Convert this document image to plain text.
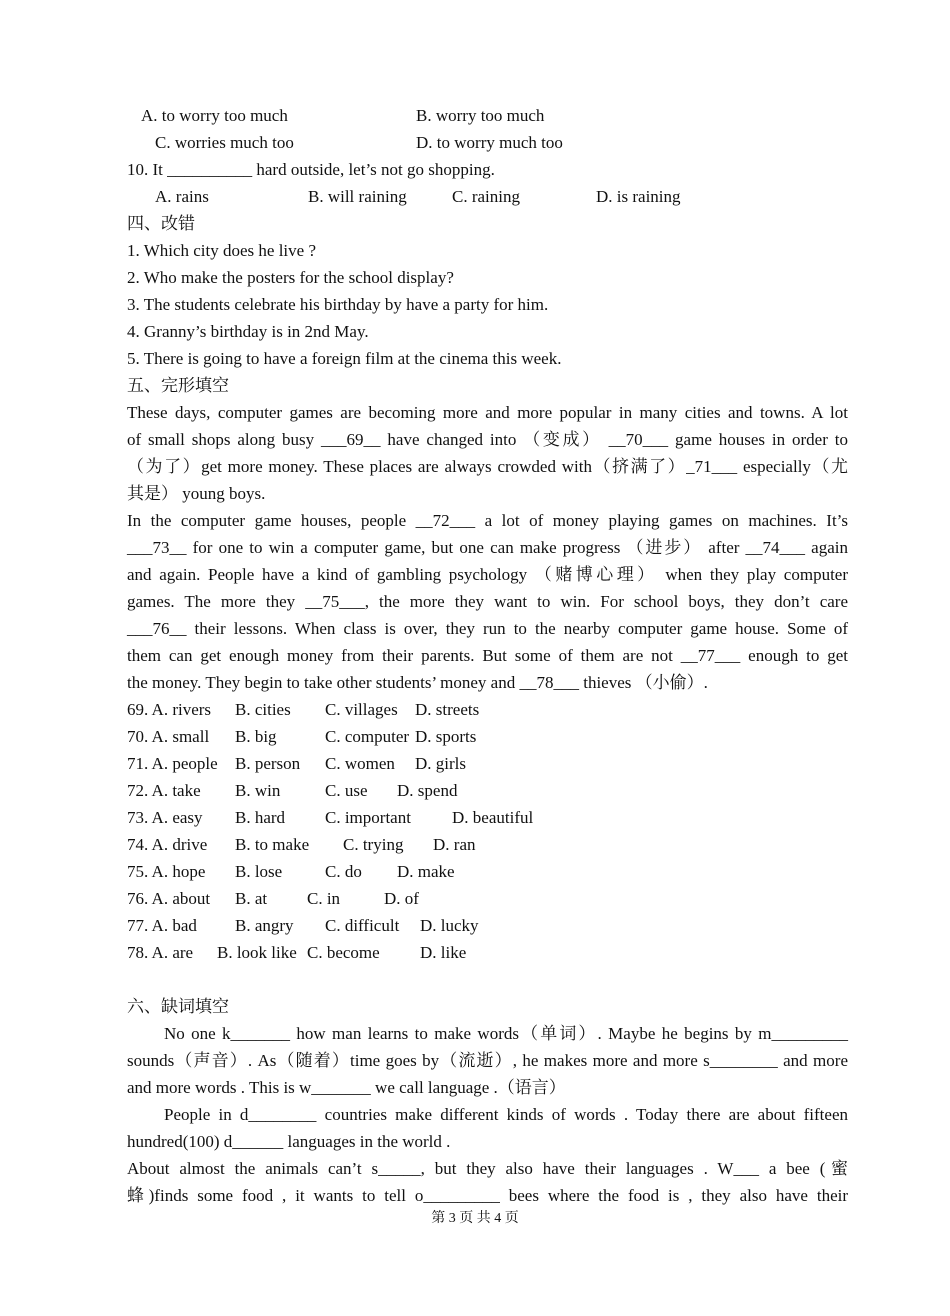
A. to worry too much	B. worry too much
C. worries much too	D. to worry much too
10. It __________ hard outside, let’s not go shopping.
A. rains	B. will raining	C. raining	D. is raining
四、改错
1. Which city does he live ?
2. Who make the posters for the school display?
3. The students celebrate his birthday by have a party for him.
4. Granny’s birthday is in 2nd May.
5. There is going to have a foreign film at the cinema this week.
五、完形填空
These days, computer games are becoming more and more popular in many cities and towns. A lot
of small shops along busy ___69__ have changed into （变成） __70___ game houses in order to
（为了）get more money. These places are always crowded with（挤满了）_71___ especially（尤
其是） young boys.
In the computer game houses, people __72___ a lot of money playing games on machines. It’s
___73__ for one to win a computer game, but one can make progress （进步） after __74___ again
and again. People have a kind of gambling psychology （赌博心理） when they play computer
games. The more they __75___, the more they want to win. For school boys, they don’t care
___76__ their lessons. When class is over, they run to the nearby computer game house. Some of
them can get enough money from their parents. But some of them are not __77___ enough to get
the money. They begin to take other students’ money and __78___ thieves （小偷）.
69. A. rivers B. cities C. villages D. streets
70. A. small B. big	C. computer D. sports
71. A. people B. person C. women D. girls
72. A. take B. win	C. use D. spend
73. A. easy B. hard C. important D. beautiful
74. A. drive B. to make C. trying D. ran
75. A. hope B. lose	C. do D. make
76. A. about B. at C. in	D. of
77. A. bad B. angry C. difficult D. lucky
78. A. are B. look like C. become D. like
六、缺词填空
No one k_______ how man learns to make words（单词）. Maybe he begins by m_________
sounds（声音）. As（随着）time goes by（流逝）, he makes more and more s________ and more
and more words . This is w_______ we call language .（语言）
People in d________ countries make different kinds of words . Today there are about fifteen
hundred(100) d______ languages in the world .
About almost the animals can’t s_____, but they also have their languages . W___ a bee (蜜
蜂)finds some food , it wants to tell o_________ bees where the food is , they also have their
第 3 页 共 4 页
